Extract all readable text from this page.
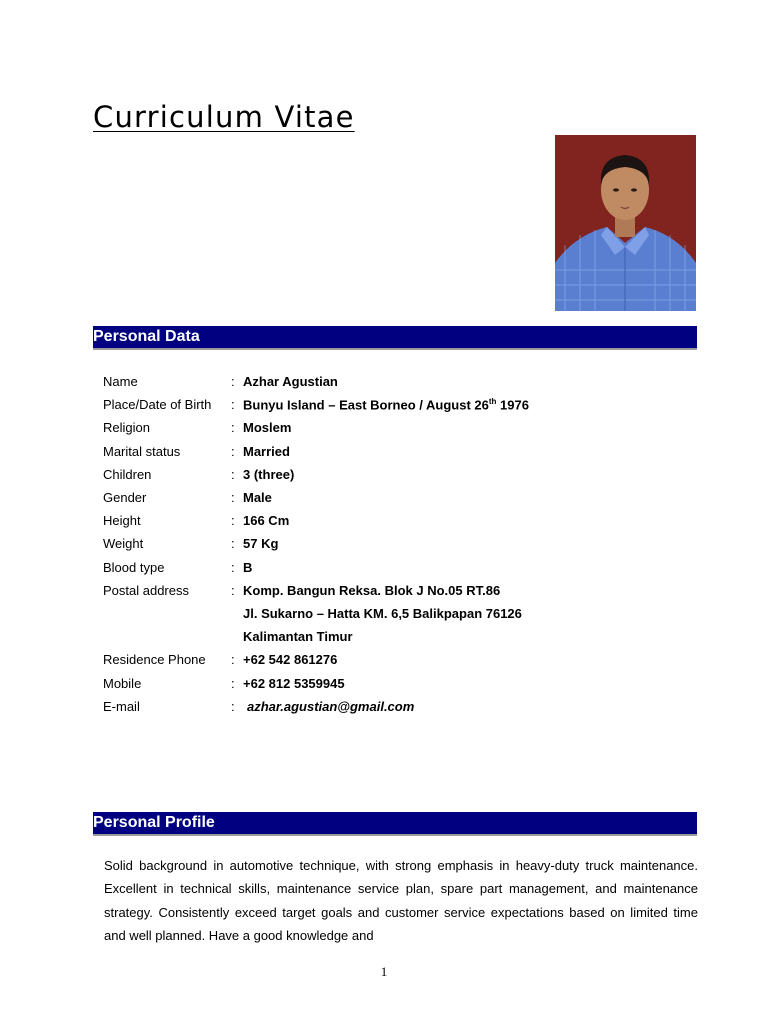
Curriculum Vitae
Personal Data
Name	:	Azhar Agustian
Place/Date of Birth	:	Bunyu Island – East Borneo / August 26th 1976
Religion	:	Moslem
Marital status	:	Married
Children	:	3 (three)
Gender	:	Male
Height	:	166 Cm
Weight	:	57 Kg
Blood type	:	B
Postal address	:	Komp. Bangun Reksa. Blok J No.05 RT.86
		Jl. Sukarno – Hatta KM. 6,5 Balikpapan 76126
		Kalimantan Timur
Residence Phone	:	+62 542 861276
Mobile	:	+62 812 5359945
E-mail	:	azhar.agustian@gmail.com
Personal Profile

Solid background in automotive technique, with strong emphasis in heavy-duty truck maintenance. Excellent in technical skills, maintenance service plan, spare part management, and maintenance strategy. Consistently exceed target goals and customer service expectations based on limited time and well planned. Have a good knowledge and

1
